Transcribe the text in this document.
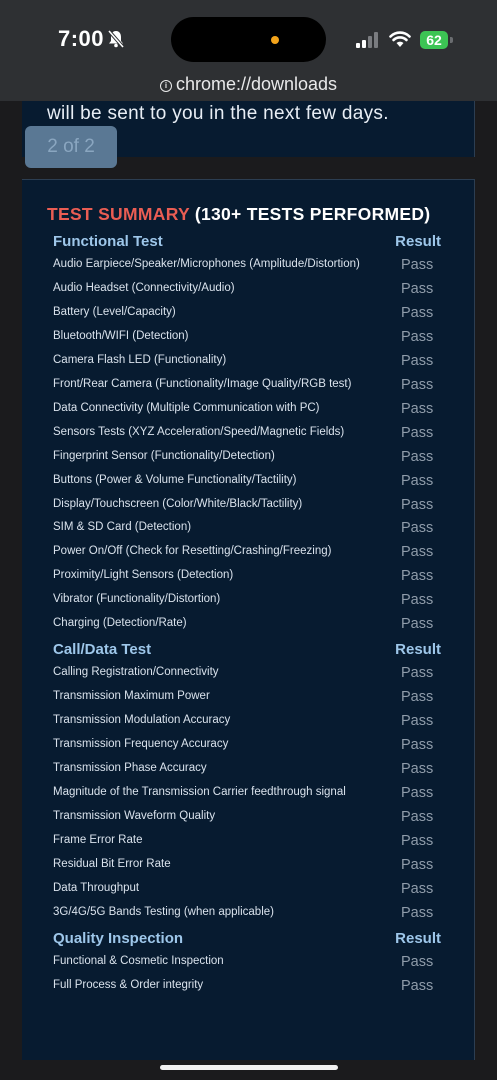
7:00	62
i chrome://downloads
will be sent to you in the next few days.
2 of 2
TEST SUMMARY (130+ TESTS PERFORMED)
Functional Test	Result
Audio Earpiece/Speaker/Microphones (Amplitude/Distortion)	Pass
Audio Headset (Connectivity/Audio)	Pass
Battery (Level/Capacity)	Pass
Bluetooth/WIFI (Detection)	Pass
Camera Flash LED (Functionality)	Pass
Front/Rear Camera (Functionality/Image Quality/RGB test)	Pass
Data Connectivity (Multiple Communication with PC)	Pass
Sensors Tests (XYZ Acceleration/Speed/Magnetic Fields)	Pass
Fingerprint Sensor (Functionality/Detection)	Pass
Buttons (Power & Volume Functionality/Tactility)	Pass
Display/Touchscreen (Color/White/Black/Tactility)	Pass
SIM & SD Card (Detection)	Pass
Power On/Off (Check for Resetting/Crashing/Freezing)	Pass
Proximity/Light Sensors (Detection)	Pass
Vibrator (Functionality/Distortion)	Pass
Charging (Detection/Rate)	Pass
Call/Data Test	Result
Calling Registration/Connectivity	Pass
Transmission Maximum Power	Pass
Transmission Modulation Accuracy	Pass
Transmission Frequency Accuracy	Pass
Transmission Phase Accuracy	Pass
Magnitude of the Transmission Carrier feedthrough signal	Pass
Transmission Waveform Quality	Pass
Frame Error Rate	Pass
Residual Bit Error Rate	Pass
Data Throughput	Pass
3G/4G/5G Bands Testing (when applicable)	Pass
Quality Inspection	Result
Functional & Cosmetic Inspection	Pass
Full Process & Order integrity	Pass
